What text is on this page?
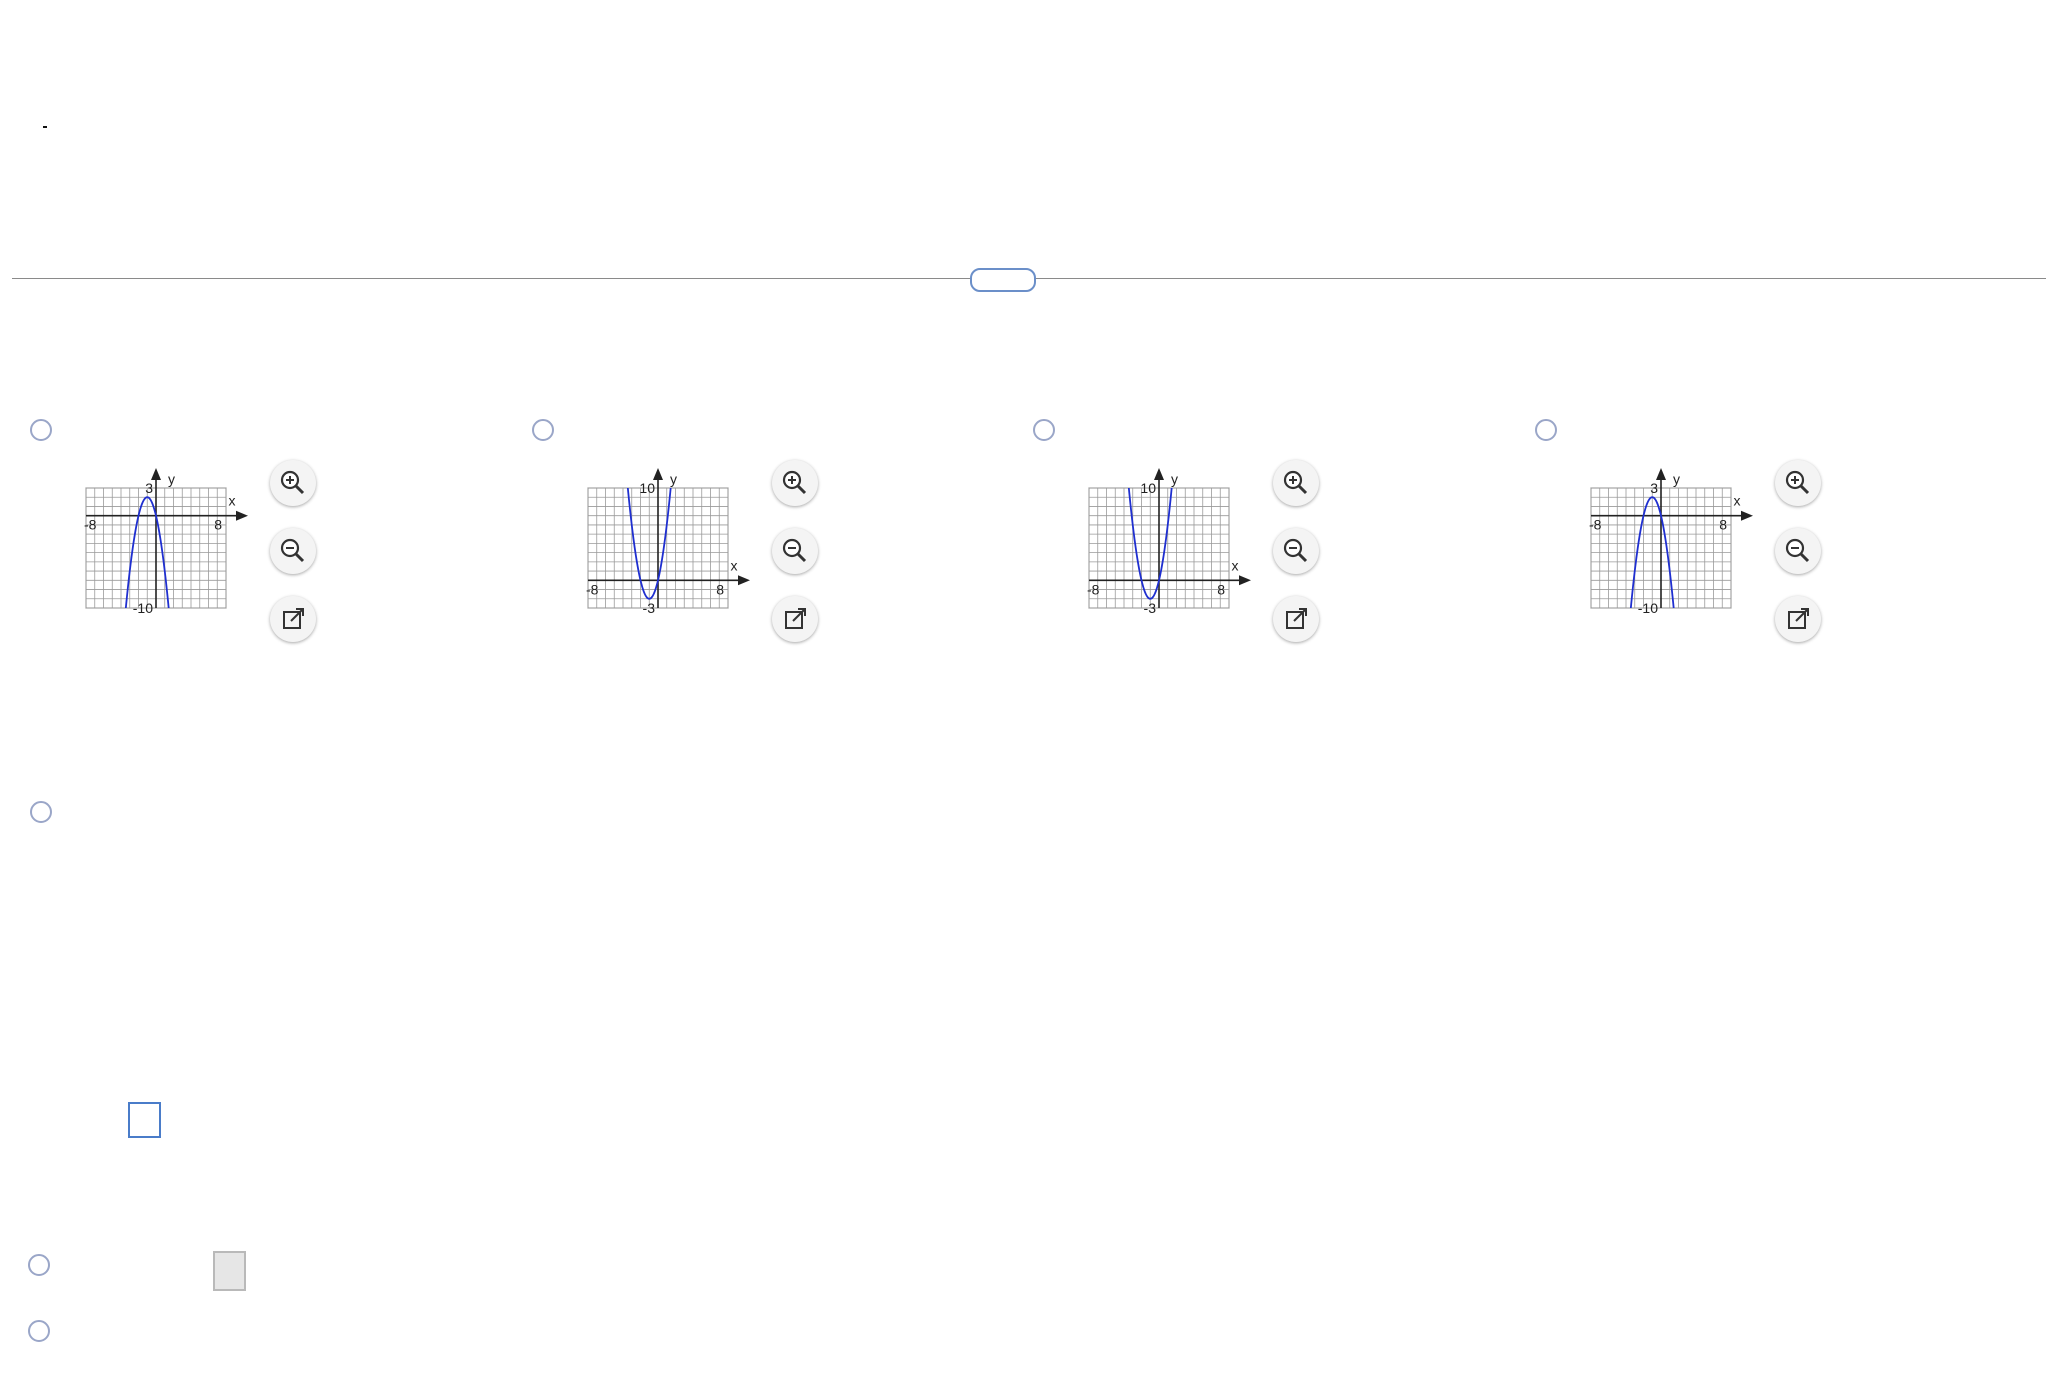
3
-10
-8	8
y
x
10
-3
-8	8
y
x
10
-3
-8	8
y
x
3
-10
-8	8
y
x
